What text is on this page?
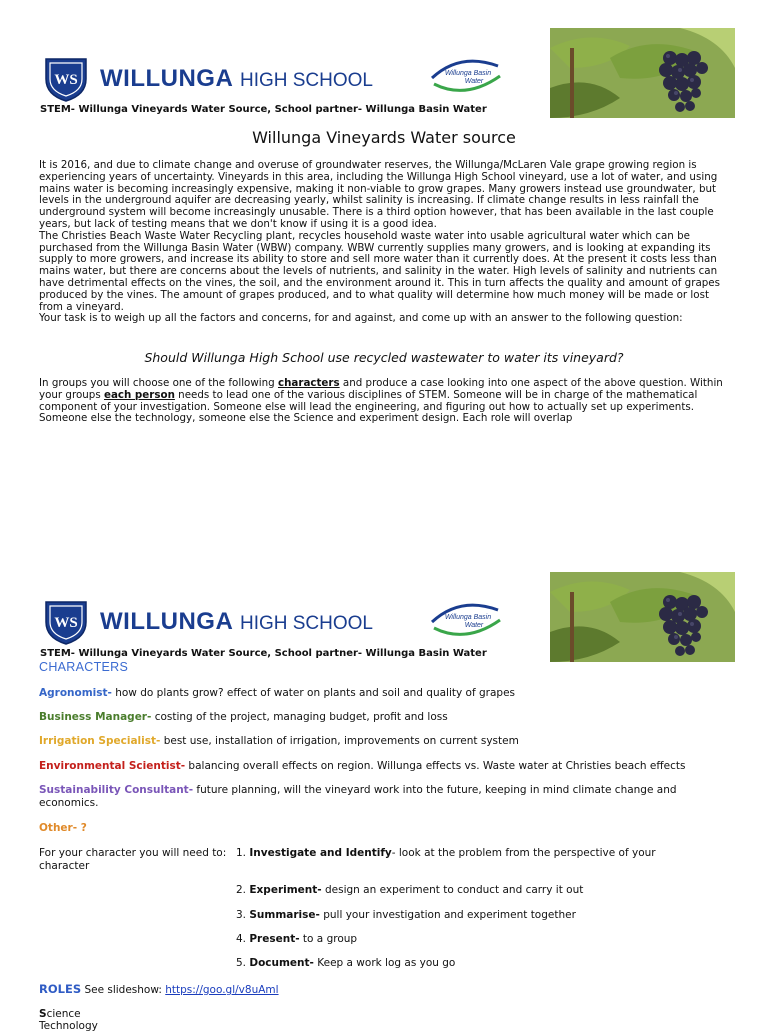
WS WILLUNGA HIGH SCHOOL	Willunga Basin
Water
STEM- Willunga Vineyards Water Source, School partner- Willunga Basin Water
Willunga Vineyards Water source

It is 2016, and due to climate change and overuse of groundwater reserves, the Willunga/McLaren Vale grape growing region is experiencing years of uncertainty. Vineyards in this area, including the Willunga High School vineyard, use a lot of water, and using mains water is becoming increasingly expensive, making it non-viable to grow grapes. Many growers instead use groundwater, but levels in the underground aquifer are decreasing yearly, whilst salinity is increasing. If climate change results in less rainfall the underground system will become increasingly unusable. There is a third option however, that has been available in the last couple years, but lack of testing means that we don't know if using it is a good idea.

The Christies Beach Waste Water Recycling plant, recycles household waste water into usable agricultural water which can be purchased from the Willunga Basin Water (WBW) company. WBW currently supplies many growers, and is looking at expanding its supply to more growers, and increase its ability to store and sell more water than it currently does. At the present it costs less than mains water, but there are concerns about the levels of nutrients, and salinity in the water. High levels of salinity and nutrients can have detrimental effects on the vines, the soil, and the environment around it. This in turn affects the quality and amount of grapes produced by the vines. The amount of grapes produced, and to what quality will determine how much money will be made or lost from a vineyard.

Your task is to weigh up all the factors and concerns, for and against, and come up with an answer to the following question:

Should Willunga High School use recycled wastewater to water its vineyard?

In groups you will choose one of the following characters and produce a case looking into one aspect of the above question. Within your groups each person needs to lead one of the various disciplines of STEM. Someone will be in charge of the mathematical component of your investigation. Someone else will lead the engineering, and figuring out how to actually set up experiments. Someone else the technology, someone else the Science and experiment design. Each role will overlap

WS WILLUNGA HIGH SCHOOL	Willunga Basin
Water
STEM- Willunga Vineyards Water Source, School partner- Willunga Basin Water
CHARACTERS
Agronomist- how do plants grow? effect of water on plants and soil and quality of grapes
Business Manager- costing of the project, managing budget, profit and loss
Irrigation Specialist- best use, installation of irrigation, improvements on current system
Environmental Scientist- balancing overall effects on region. Willunga effects vs. Waste water at Christies beach effects
Sustainability Consultant- future planning, will the vineyard work into the future, keeping in mind climate change and economics.
Other- ?
For your character you will need to: 1. Investigate and Identify- look at the problem from the perspective of your character
2. Experiment- design an experiment to conduct and carry it out
3. Summarise- pull your investigation and experiment together
4. Present- to a group
5. Document- Keep a work log as you go
ROLES See slideshow: https://goo.gl/v8uAml
Science
Technology
